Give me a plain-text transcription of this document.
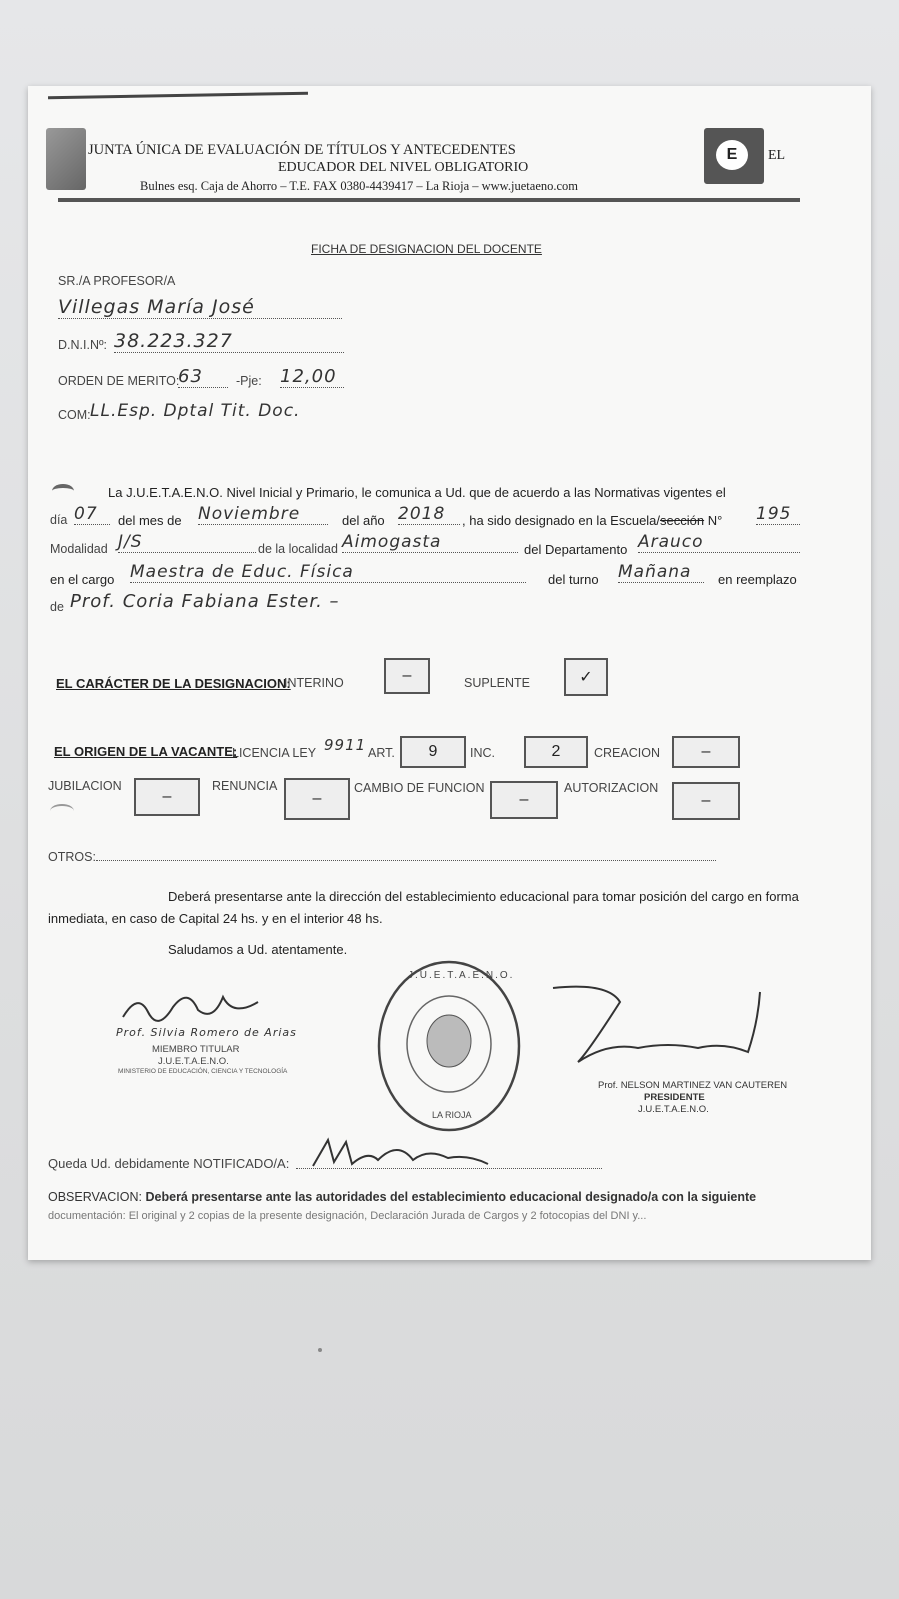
JUNTA ÚNICA DE EVALUACIÓN DE TÍTULOS Y ANTECEDENTES
EDUCADOR DEL NIVEL OBLIGATORIO
Bulnes esq. Caja de Ahorro – T.E. FAX 0380-4439417 – La Rioja – www.juetaeno.com
E	EL
FICHA DE DESIGNACION DEL DOCENTE
SR./A PROFESOR/A
Villegas María José
D.N.I.Nº: 38.223.327
ORDEN DE MERITO:
63	-Pje: 12,00
COM: LL.Esp. Dptal Tit. Doc.
La J.U.E.T.A.E.N.O. Nivel Inicial y Primario, le comunica a Ud. que de acuerdo a las Normativas vigentes el
día 07	del mes de Noviembre	del año 2018	, ha sido designado en la Escuela/sección N° 195
Modalidad J/S	de la localidad Aimogasta	del Departamento Arauco
en el cargo Maestra de Educ. Física	del turno Mañana	en reemplazo
de Prof. Coria Fabiana Ester. –
EL CARÁCTER DE LA DESIGNACION:
INTERINO	–	SUPLENTE	✓
EL ORIGEN DE LA VACANTE:
LICENCIA LEY 9911 ART.	9	INC.	2	CREACION	–
JUBILACION
–
RENUNCIA
–
CAMBIO DE FUNCION
–
AUTORIZACION
–
OTROS:
Deberá presentarse ante la dirección del establecimiento educacional para tomar posición del cargo en forma inmediata, en caso de Capital 24 hs. y en el interior 48 hs.
Saludamos a Ud. atentamente.
Prof. Silvia Romero de Arias
MIEMBRO TITULAR
J.U.E.T.A.E.N.O.
MINISTERIO DE EDUCACIÓN, CIENCIA Y TECNOLOGÍA
J.U.E.T.A.E.N.O.
LA RIOJA
Prof. NELSON MARTINEZ VAN CAUTEREN
PRESIDENTE
J.U.E.T.A.E.N.O.
Queda Ud. debidamente NOTIFICADO/A:
OBSERVACION: Deberá presentarse ante las autoridades del establecimiento educacional designado/a con la siguiente
documentación: El original y 2 copias de la presente designación, Declaración Jurada de Cargos y 2 fotocopias del DNI y...
